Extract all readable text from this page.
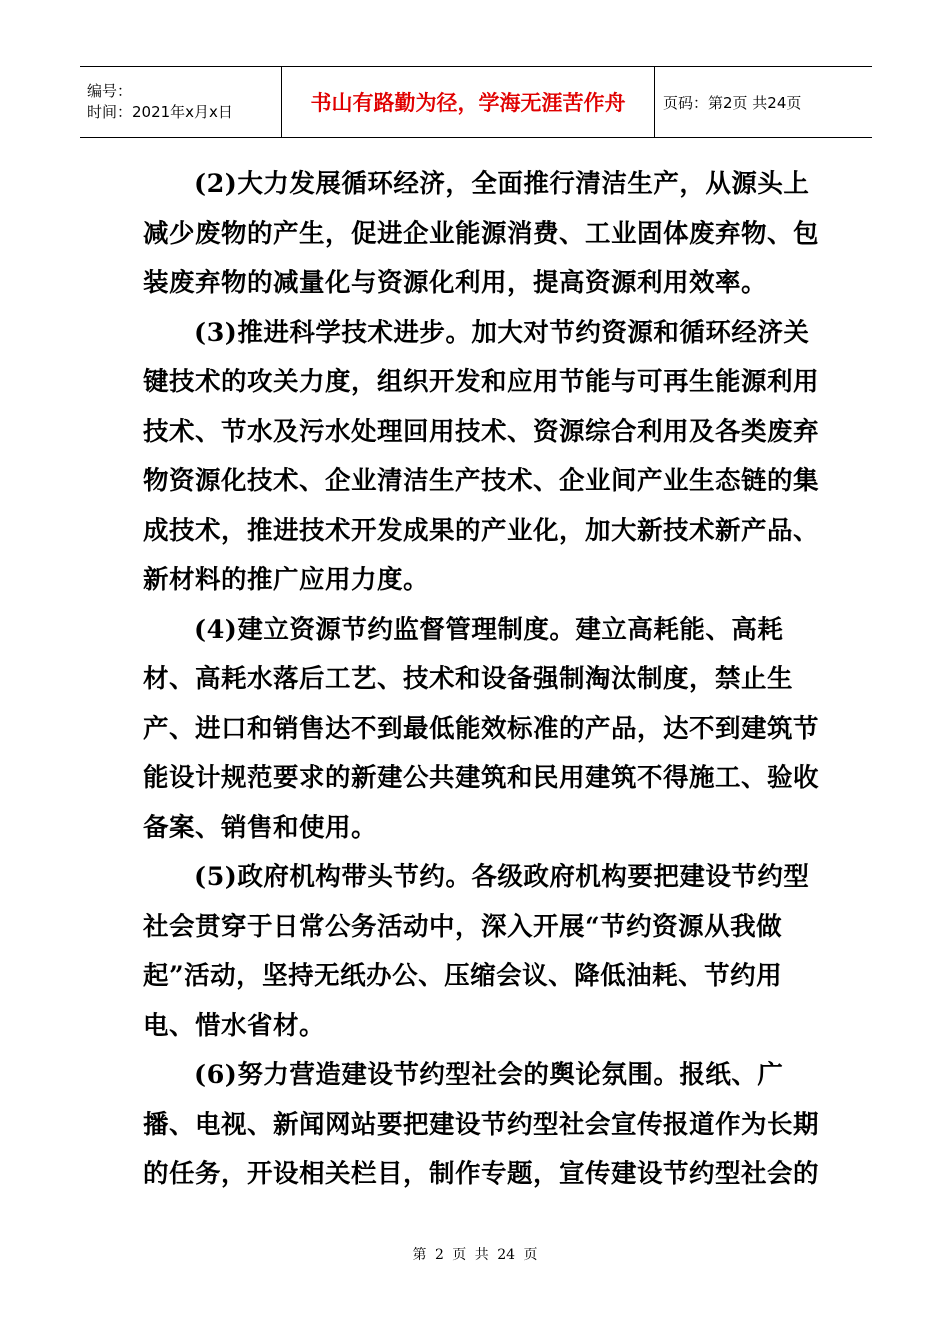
编号：
时间：2021年x月x日	书山有路勤为径，学海无涯苦作舟	页码：第2页 共24页

(2)大力发展循环经济，全面推行清洁生产，从源头上减少废物的产生，促进企业能源消费、工业固体废弃物、包装废弃物的减量化与资源化利用，提高资源利用效率。

(3)推进科学技术进步。加大对节约资源和循环经济关键技术的攻关力度，组织开发和应用节能与可再生能源利用技术、节水及污水处理回用技术、资源综合利用及各类废弃物资源化技术、企业清洁生产技术、企业间产业生态链的集成技术，推进技术开发成果的产业化，加大新技术新产品、新材料的推广应用力度。

(4)建立资源节约监督管理制度。建立高耗能、高耗材、高耗水落后工艺、技术和设备强制淘汰制度，禁止生产、进口和销售达不到最低能效标准的产品，达不到建筑节能设计规范要求的新建公共建筑和民用建筑不得施工、验收备案、销售和使用。

(5)政府机构带头节约。各级政府机构要把建设节约型社会贯穿于日常公务活动中，深入开展“节约资源从我做起”活动，坚持无纸办公、压缩会议、降低油耗、节约用电、惜水省材。

(6)努力营造建设节约型社会的舆论氛围。报纸、广播、电视、新闻网站要把建设节约型社会宣传报道作为长期的任务，开设相关栏目，制作专题，宣传建设节约型社会的

第 2 页 共 24 页
